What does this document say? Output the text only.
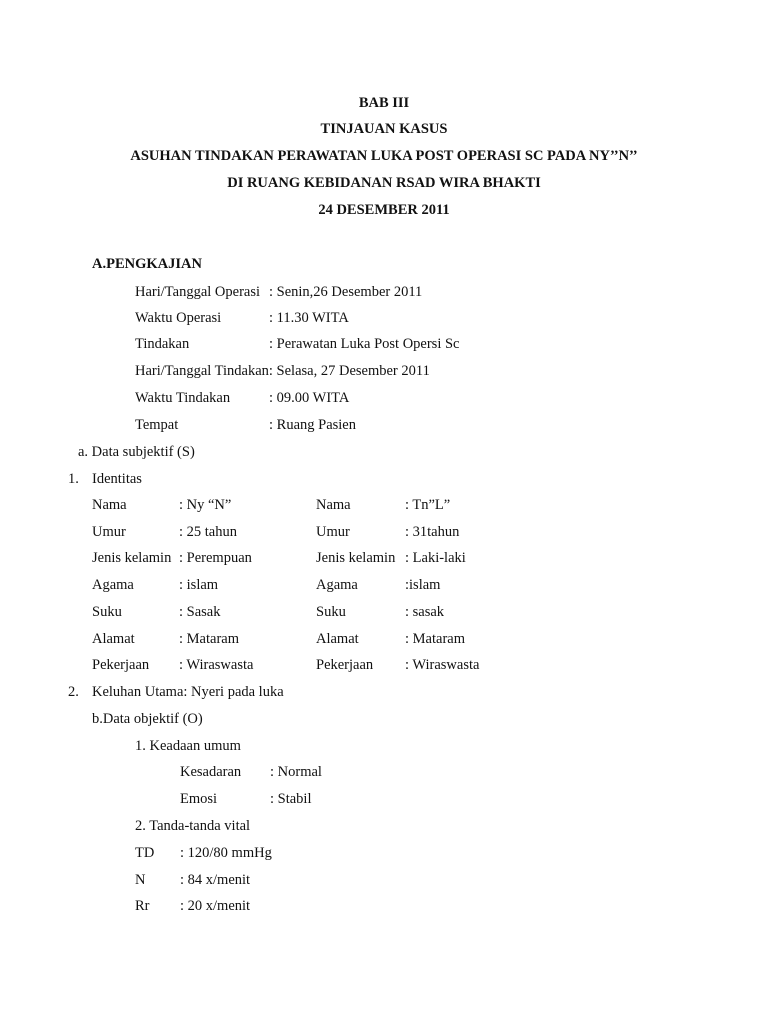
BAB III
TINJAUAN KASUS
ASUHAN TINDAKAN PERAWATAN LUKA POST OPERASI SC PADA NY’’N’’
DI RUANG KEBIDANAN RSAD WIRA BHAKTI
24 DESEMBER 2011
A.PENGKAJIAN
Hari/Tanggal Operasi : Senin,26 Desember 2011
Waktu Operasi	: 11.30 WITA
Tindakan	: Perawatan Luka Post Opersi Sc
Hari/Tanggal Tindakan: Selasa, 27 Desember 2011
Waktu Tindakan	: 09.00 WITA
Tempat	: Ruang Pasien
a. Data subjektif (S)
1. Identitas
Nama	: Ny “N”	Nama	: Tn”L”
Umur	: 25 tahun	Umur	: 31tahun
Jenis kelamin : Perempuan	Jenis kelamin : Laki-laki
Agama	: islam	Agama	:islam
Suku	: Sasak	Suku	: sasak
Alamat	: Mataram	Alamat	: Mataram
Pekerjaan : Wiraswasta	Pekerjaan : Wiraswasta
2. Keluhan Utama: Nyeri pada luka
b.Data objektif (O)
1. Keadaan umum
Kesadaran : Normal
Emosi	: Stabil
2. Tanda-tanda vital
TD : 120/80 mmHg
N : 84 x/menit
Rr : 20 x/menit
